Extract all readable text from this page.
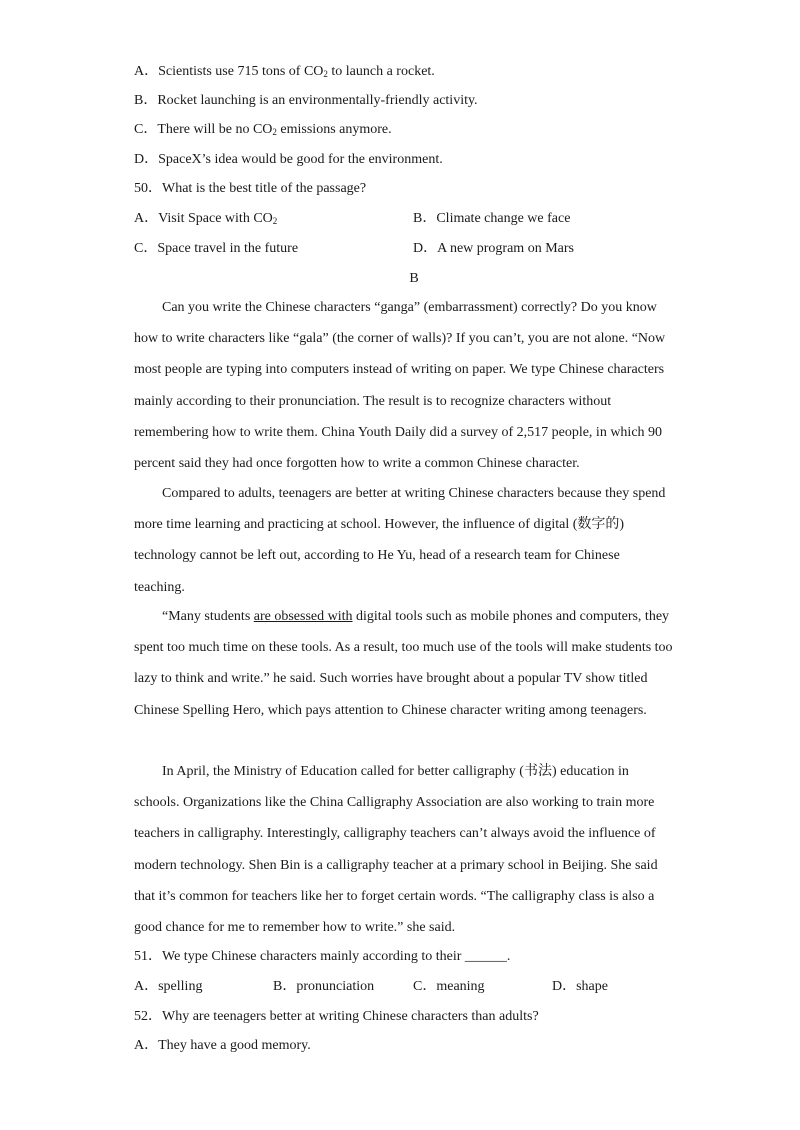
A．Scientists use 715 tons of $CO_2$ to launch a rocket.
B．Rocket launching is an environmentally-friendly activity.
C．There will be no $CO_2$ emissions anymore.
D．SpaceX’s idea would be good for the environment.
50．What is the best title of the passage?
A．Visit Space with $CO_2$	B．Climate change we face
C．Space travel in the future	D．A new program on Mars
B
Can you write the Chinese characters “ganga” (embarrassment) correctly? Do you know how to write characters like “gala” (the corner of walls)? If you can’t, you are not alone. “Now most people are typing into computers instead of writing on paper. We type Chinese characters mainly according to their pronunciation. The result is to recognize characters without remembering how to write them. China Youth Daily did a survey of 2,517 people, in which 90 percent said they had once forgotten how to write a common Chinese character.
Compared to adults, teenagers are better at writing Chinese characters because they spend more time learning and practicing at school. However, the influence of digital (数字的) technology cannot be left out, according to He Yu, head of a research team for Chinese teaching.
“Many students are obsessed with digital tools such as mobile phones and computers, they spent too much time on these tools. As a result, too much use of the tools will make students too lazy to think and write.” he said. Such worries have brought about a popular TV show titled Chinese Spelling Hero, which pays attention to Chinese character writing among teenagers.
In April, the Ministry of Education called for better calligraphy (书法) education in schools. Organizations like the China Calligraphy Association are also working to train more teachers in calligraphy. Interestingly, calligraphy teachers can’t always avoid the influence of modern technology. Shen Bin is a calligraphy teacher at a primary school in Beijing. She said that it’s common for teachers like her to forget certain words. “The calligraphy class is also a good chance for me to remember how to write.” she said.
51．We type Chinese characters mainly according to their ______.
A．spelling	B．pronunciation	C．meaning	D．shape
52．Why are teenagers better at writing Chinese characters than adults?
A．They have a good memory.
